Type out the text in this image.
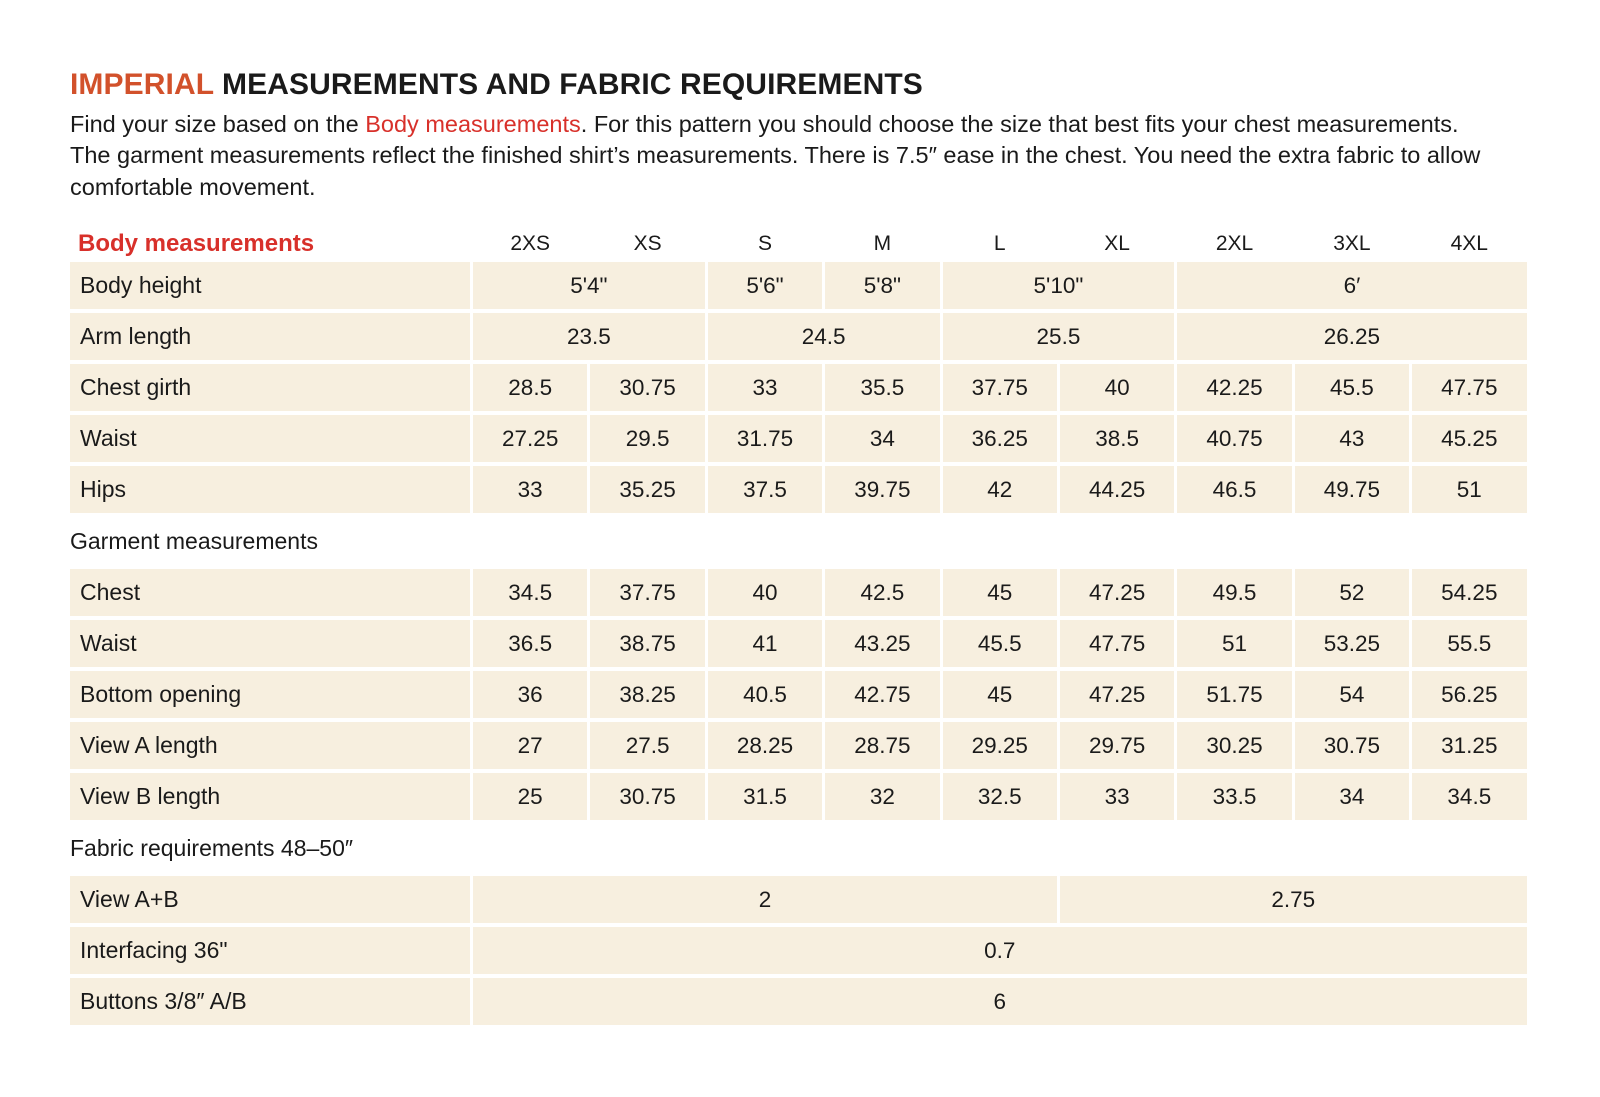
IMPERIAL MEASUREMENTS AND FABRIC REQUIREMENTS

Find your size based on the Body measurements. For this pattern you should choose the size that best fits your chest measurements. The garment measurements reflect the finished shirt’s measurements. There is 7.5″ ease in the chest. You need the extra fabric to allow comfortable movement.

Body measurements	2XS	XS	S	M	L	XL	2XL	3XL	4XL
Body height	5'4"		5'6"	5'8"	5'10"		6′		
Arm length	23.5		24.5		25.5		26.25		
Chest girth	28.5	30.75	33	35.5	37.75	40	42.25	45.5	47.75
Waist	27.25	29.5	31.75	34	36.25	38.5	40.75	43	45.25
Hips	33	35.25	37.5	39.75	42	44.25	46.5	49.75	51
Garment measurements									
Chest	34.5	37.75	40	42.5	45	47.25	49.5	52	54.25
Waist	36.5	38.75	41	43.25	45.5	47.75	51	53.25	55.5
Bottom opening	36	38.25	40.5	42.75	45	47.25	51.75	54	56.25
View A length	27	27.5	28.25	28.75	29.25	29.75	30.25	30.75	31.25
View B length	25	30.75	31.5	32	32.5	33	33.5	34	34.5
Fabric requirements 48–50″									
View A+B	2					2.75			
Interfacing 36"	0.7								
Buttons 3/8″ A/B	6								
